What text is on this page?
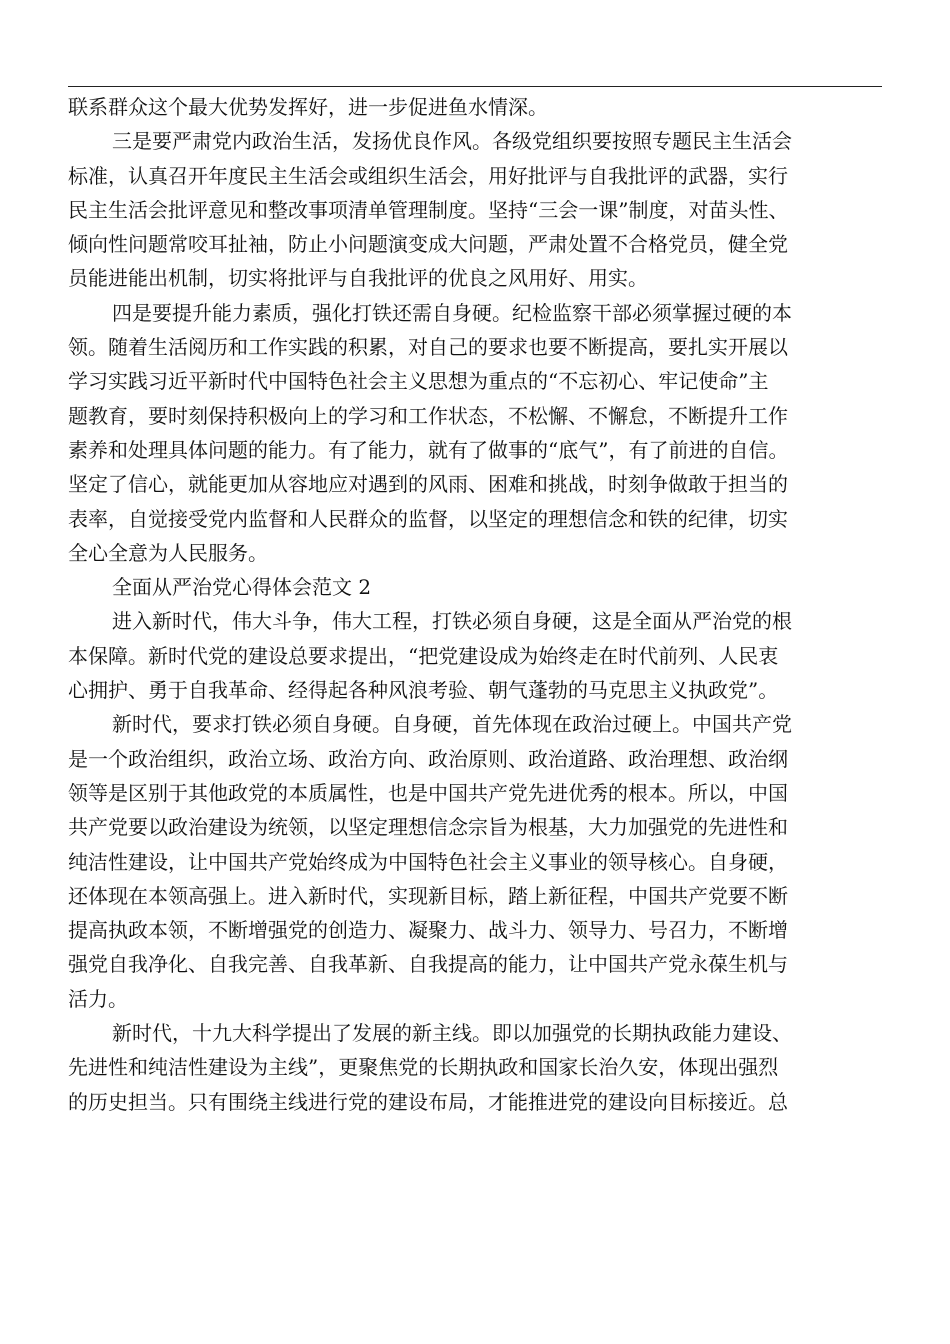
联系群众这个最大优势发挥好，进一步促进鱼水情深。
三是要严肃党内政治生活，发扬优良作风。各级党组织要按照专题民主生活会
标准，认真召开年度民主生活会或组织生活会，用好批评与自我批评的武器，实行
民主生活会批评意见和整改事项清单管理制度。坚持“三会一课”制度，对苗头性、
倾向性问题常咬耳扯袖，防止小问题演变成大问题，严肃处置不合格党员，健全党
员能进能出机制，切实将批评与自我批评的优良之风用好、用实。
四是要提升能力素质，强化打铁还需自身硬。纪检监察干部必须掌握过硬的本
领。随着生活阅历和工作实践的积累，对自己的要求也要不断提高，要扎实开展以
学习实践习近平新时代中国特色社会主义思想为重点的“不忘初心、牢记使命”主
题教育，要时刻保持积极向上的学习和工作状态，不松懈、不懈怠，不断提升工作
素养和处理具体问题的能力。有了能力，就有了做事的“底气”，有了前进的自信。
坚定了信心，就能更加从容地应对遇到的风雨、困难和挑战，时刻争做敢于担当的
表率，自觉接受党内监督和人民群众的监督，以坚定的理想信念和铁的纪律，切实
全心全意为人民服务。
全面从严治党心得体会范文 2
进入新时代，伟大斗争，伟大工程，打铁必须自身硬，这是全面从严治党的根
本保障。新时代党的建设总要求提出，“把党建设成为始终走在时代前列、人民衷
心拥护、勇于自我革命、经得起各种风浪考验、朝气蓬勃的马克思主义执政党”。
新时代，要求打铁必须自身硬。自身硬，首先体现在政治过硬上。中国共产党
是一个政治组织，政治立场、政治方向、政治原则、政治道路、政治理想、政治纲
领等是区别于其他政党的本质属性，也是中国共产党先进优秀的根本。所以，中国
共产党要以政治建设为统领，以坚定理想信念宗旨为根基，大力加强党的先进性和
纯洁性建设，让中国共产党始终成为中国特色社会主义事业的领导核心。自身硬，
还体现在本领高强上。进入新时代，实现新目标，踏上新征程，中国共产党要不断
提高执政本领，不断增强党的创造力、凝聚力、战斗力、领导力、号召力，不断增
强党自我净化、自我完善、自我革新、自我提高的能力，让中国共产党永葆生机与
活力。
新时代，十九大科学提出了发展的新主线。即以加强党的长期执政能力建设、
先进性和纯洁性建设为主线”，更聚焦党的长期执政和国家长治久安，体现出强烈
的历史担当。只有围绕主线进行党的建设布局，才能推进党的建设向目标接近。总
